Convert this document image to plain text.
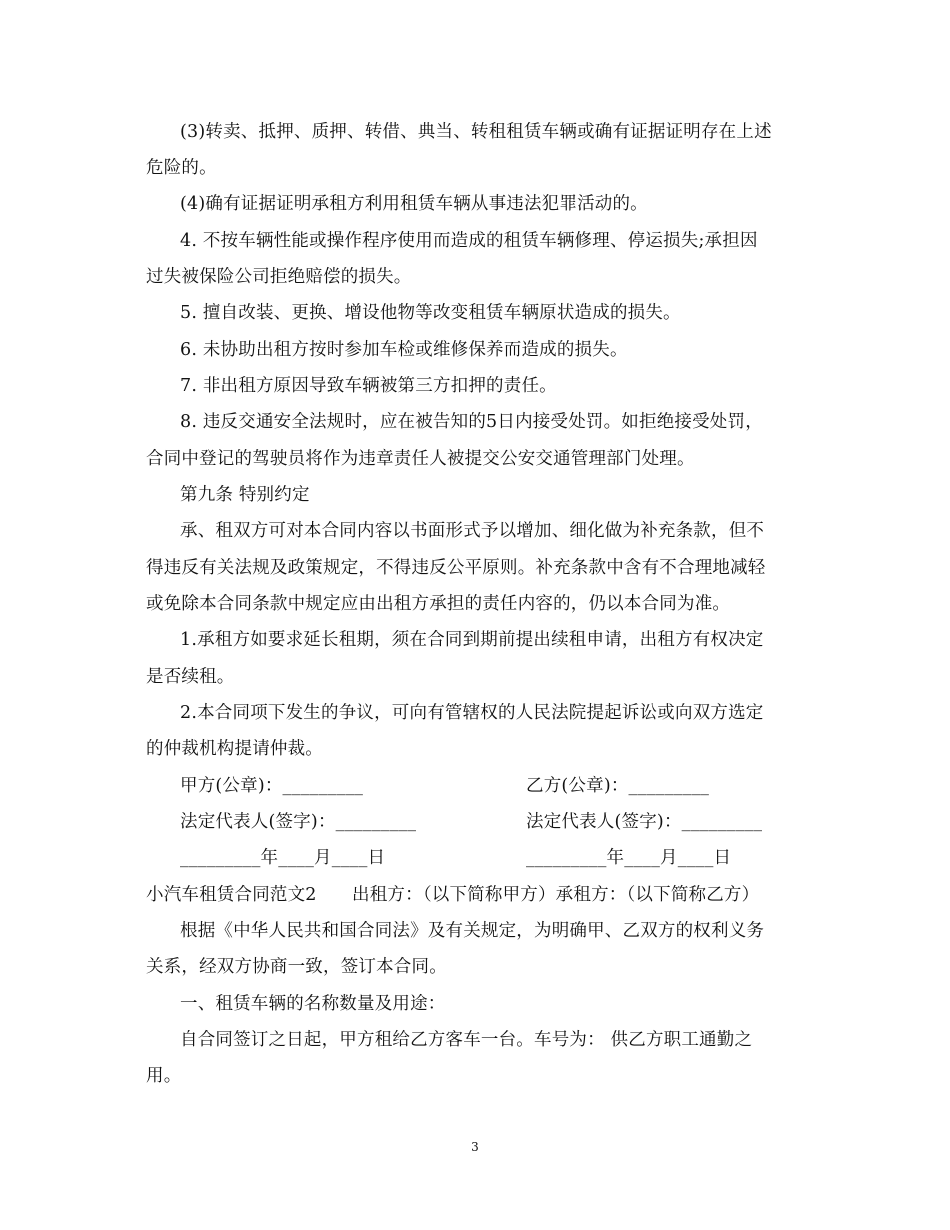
(3)转卖、抵押、质押、转借、典当、转租租赁车辆或确有证据证明存在上述
危险的。
(4)确有证据证明承租方利用租赁车辆从事违法犯罪活动的。
4. 不按车辆性能或操作程序使用而造成的租赁车辆修理、停运损失;承担因
过失被保险公司拒绝赔偿的损失。
5. 擅自改装、更换、增设他物等改变租赁车辆原状造成的损失。
6. 未协助出租方按时参加车检或维修保养而造成的损失。
7. 非出租方原因导致车辆被第三方扣押的责任。
8. 违反交通安全法规时，应在被告知的5日内接受处罚。如拒绝接受处罚，
合同中登记的驾驶员将作为违章责任人被提交公安交通管理部门处理。
第九条 特别约定
承、租双方可对本合同内容以书面形式予以增加、细化做为补充条款，但不
得违反有关法规及政策规定，不得违反公平原则。补充条款中含有不合理地减轻
或免除本合同条款中规定应由出租方承担的责任内容的，仍以本合同为准。
1.承租方如要求延长租期，须在合同到期前提出续租申请，出租方有权决定
是否续租。
2.本合同项下发生的争议，可向有管辖权的人民法院提起诉讼或向双方选定
的仲裁机构提请仲裁。
甲方(公章)：_________	乙方(公章)：_________
法定代表人(签字)：_________	法定代表人(签字)：_________
_________年____月____日	_________年____月____日
小汽车租赁合同范文2　　出租方：（以下简称甲方）承租方：（以下简称乙方）
根据《中华人民共和国合同法》及有关规定，为明确甲、乙双方的权利义务
关系，经双方协商一致，签订本合同。
一、租赁车辆的名称数量及用途：
自合同签订之日起，甲方租给乙方客车一台。车号为： 供乙方职工通勤之
用。
3
